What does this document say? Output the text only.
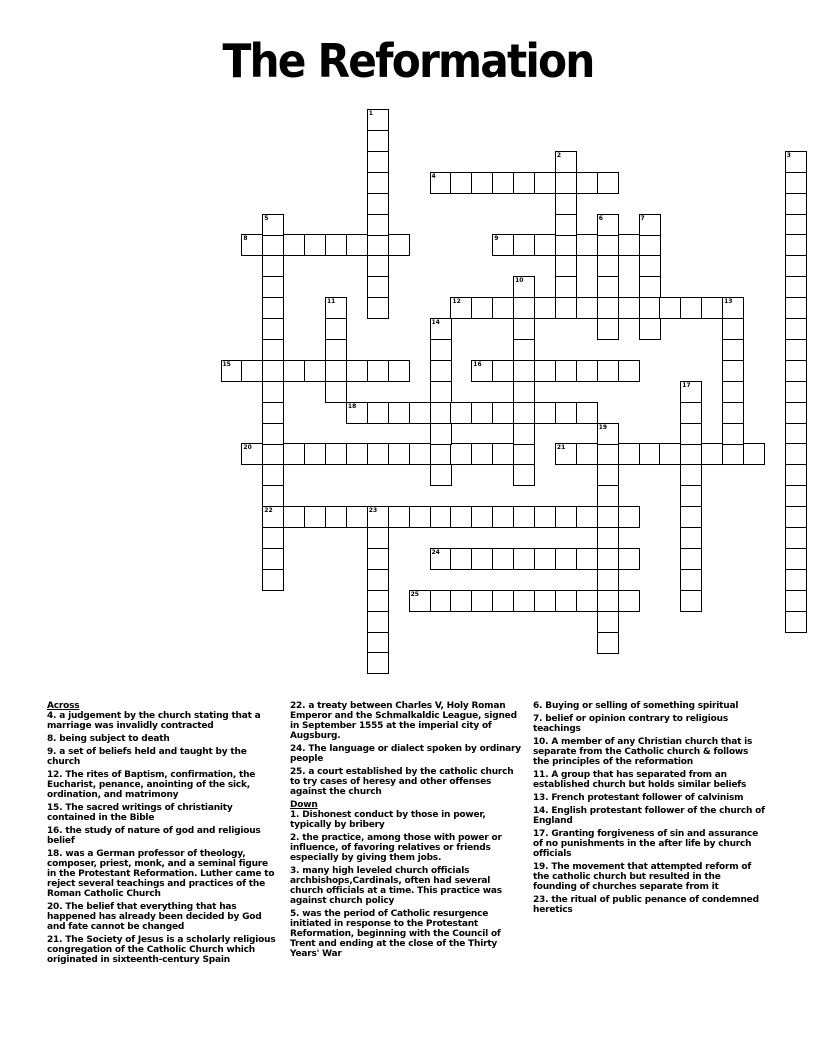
The Reformation
4
8	9
12	13
15	16
18
20	21
22	23
24
25
1
2	3
5	6	7
10
11
14
17
19
Across
4. a judgement by the church stating that a marriage was invalidly contracted
8. being subject to death
9. a set of beliefs held and taught by the church
12. The rites of Baptism, confirmation, the Eucharist, penance, anointing of the sick, ordination, and matrimony
15. The sacred writings of christianity contained in the Bible
16. the study of nature of god and religious belief
18. was a German professor of theology, composer, priest, monk, and a seminal figure in the Protestant Reformation. Luther came to reject several teachings and practices of the Roman Catholic Church
20. The belief that everything that has happened has already been decided by God and fate cannot be changed
21. The Society of Jesus is a scholarly religious congregation of the Catholic Church which originated in sixteenth-century Spain
22. a treaty between Charles V, Holy Roman Emperor and the Schmalkaldic League, signed in September 1555 at the imperial city of Augsburg.
24. The language or dialect spoken by ordinary people
25. a court established by the catholic church to try cases of heresy and other offenses against the church
Down
1. Dishonest conduct by those in power, typically by bribery
2. the practice, among those with power or influence, of favoring relatives or friends especially by giving them jobs.
3. many high leveled church officials archbishops,Cardinals, often had several church officials at a time. This practice was against church policy
5. was the period of Catholic resurgence initiated in response to the Protestant Reformation, beginning with the Council of Trent and ending at the close of the Thirty Years' War
6. Buying or selling of something spiritual
7. belief or opinion contrary to religious teachings
10. A member of any Christian church that is separate from the Catholic church & follows the principles of the reformation
11. A group that has separated from an established church but holds similar beliefs
13. French protestant follower of calvinism
14. English protestant follower of the church of England
17. Granting forgiveness of sin and assurance of no punishments in the after life by church officials
19. The movement that attempted reform of the catholic church but resulted in the founding of churches separate from it
23. the ritual of public penance of condemned heretics
